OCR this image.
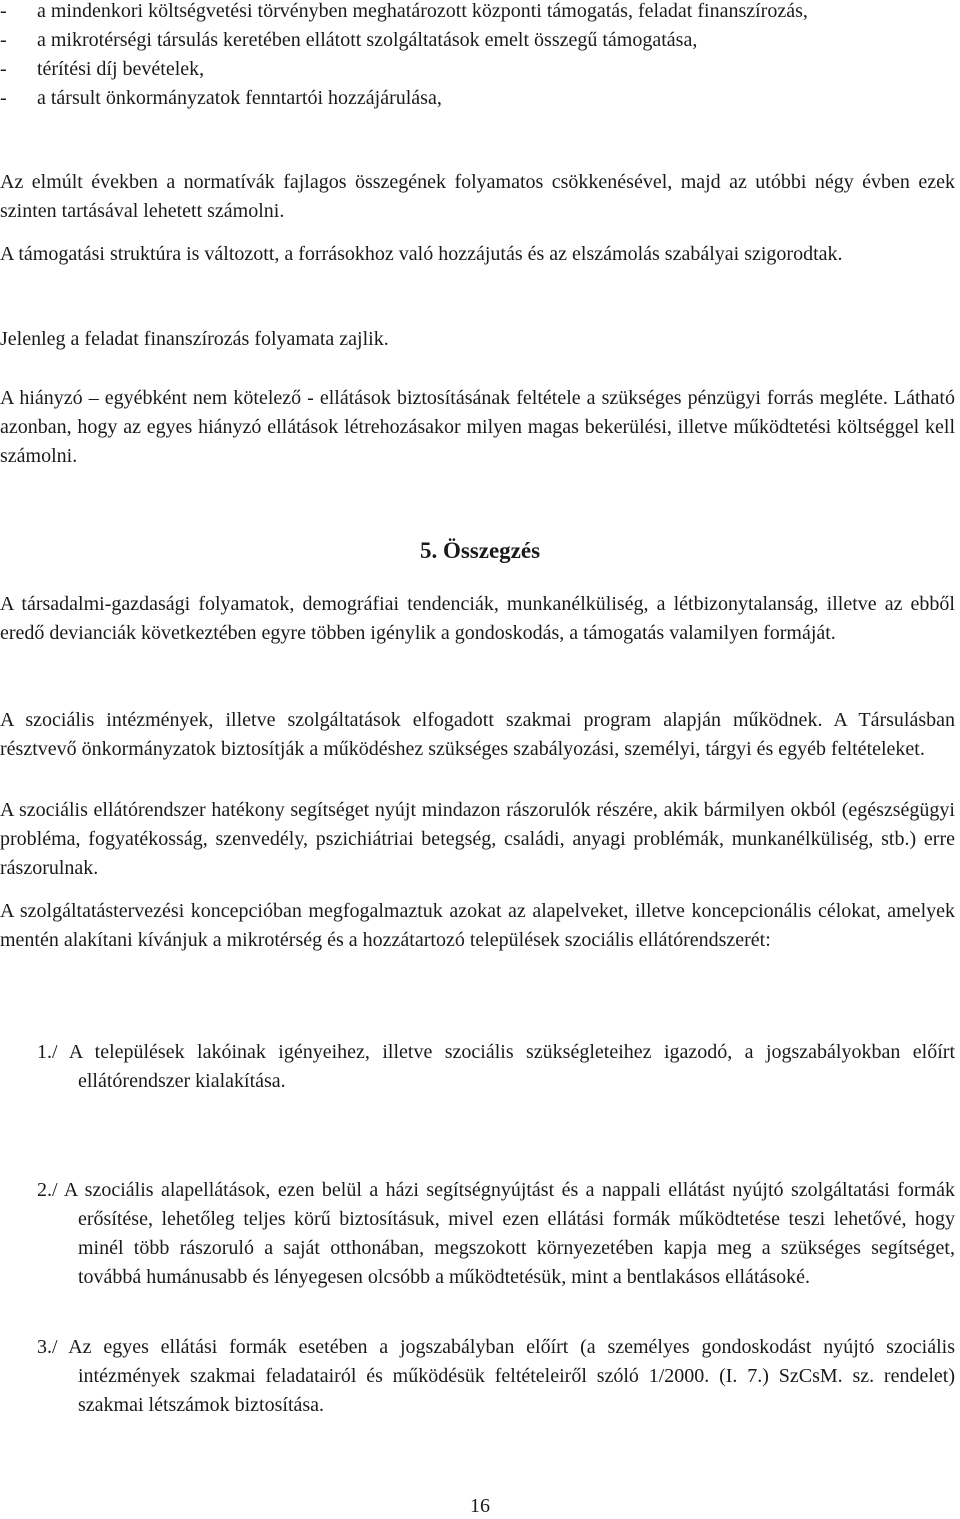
- a mindenkori költségvetési törvényben meghatározott központi támogatás, feladat finanszírozás,
- a mikrotérségi társulás keretében ellátott szolgáltatások emelt összegű támogatása,
- térítési díj bevételek,
- a társult önkormányzatok fenntartói hozzájárulása,

Az elmúlt években a normatívák fajlagos összegének folyamatos csökkenésével, majd az utóbbi négy évben ezek szinten tartásával lehetett számolni.

A támogatási struktúra is változott, a forrásokhoz való hozzájutás és az elszámolás szabályai szigorodtak.

Jelenleg a feladat finanszírozás folyamata zajlik.

A hiányzó – egyébként nem kötelező - ellátások biztosításának feltétele a szükséges pénzügyi forrás megléte. Látható azonban, hogy az egyes hiányzó ellátások létrehozásakor milyen magas bekerülési, illetve működtetési költséggel kell számolni.

5. Összegzés

A társadalmi-gazdasági folyamatok, demográfiai tendenciák, munkanélküliség, a létbizonytalanság, illetve az ebből eredő devianciák következtében egyre többen igénylik a gondoskodás, a támogatás valamilyen formáját.

A szociális intézmények, illetve szolgáltatások elfogadott szakmai program alapján működnek. A Társulásban résztvevő önkormányzatok biztosítják a működéshez szükséges szabályozási, személyi, tárgyi és egyéb feltételeket.

A szociális ellátórendszer hatékony segítséget nyújt mindazon rászorulók részére, akik bármilyen okból (egészségügyi probléma, fogyatékosság, szenvedély, pszichiátriai betegség, családi, anyagi problémák, munkanélküliség, stb.) erre rászorulnak.

A szolgáltatástervezési koncepcióban megfogalmaztuk azokat az alapelveket, illetve koncepcionális célokat, amelyek mentén alakítani kívánjuk a mikrotérség és a hozzátartozó települések szociális ellátórendszerét:

1./ A települések lakóinak igényeihez, illetve szociális szükségleteihez igazodó, a jogszabályokban előírt ellátórendszer kialakítása.

2./ A szociális alapellátások, ezen belül a házi segítségnyújtást és a nappali ellátást nyújtó szolgáltatási formák erősítése, lehetőleg teljes körű biztosításuk, mivel ezen ellátási formák működtetése teszi lehetővé, hogy minél több rászoruló a saját otthonában, megszokott környezetében kapja meg a szükséges segítséget, továbbá humánusabb és lényegesen olcsóbb a működtetésük, mint a bentlakásos ellátásoké.

3./ Az egyes ellátási formák esetében a jogszabályban előírt (a személyes gondoskodást nyújtó szociális intézmények szakmai feladatairól és működésük feltételeiről szóló 1/2000. (I. 7.) SzCsM. sz. rendelet) szakmai létszámok biztosítása.

16
